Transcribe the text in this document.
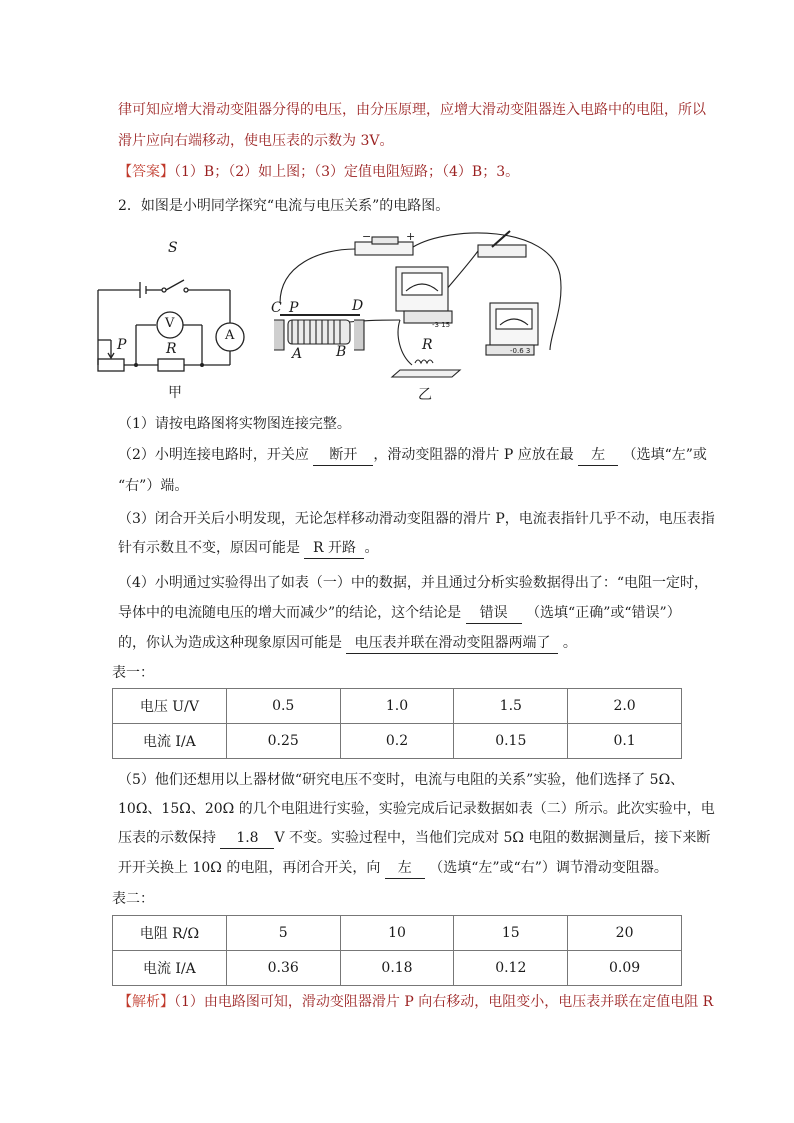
律可知应增大滑动变阻器分得的电压，由分压原理，应增大滑动变阻器连入电路中的电阻，所以
滑片应向右端移动，使电压表的示数为 3V。
【答案】（1）B；（2）如上图；（3）定值电阻短路；（4）B；3。
2．如图是小明同学探究“电流与电压关系”的电路图。
S
V
A
P	R
甲
-3 15
-0.6 3
−	+
C P	D
A B	R
乙
（1）请按电路图将实物图连接完整。
（2）小明连接电路时，开关应 断开 ，滑动变阻器的滑片 P 应放在最 左 （选填“左”或
“右”）端。
（3）闭合开关后小明发现，无论怎样移动滑动变阻器的滑片 P，电流表指针几乎不动，电压表指
针有示数且不变，原因可能是 R 开路 。
（4）小明通过实验得出了如表（一）中的数据，并且通过分析实验数据得出了：“电阻一定时，
导体中的电流随电压的增大而减少”的结论，这个结论是 错误 （选填“正确”或“错误”）
的，你认为造成这种现象原因可能是 电压表并联在滑动变阻器两端了 。
表一：
电压 U/V	0.5	1.0	1.5	2.0
电流 I/A	0.25	0.2	0.15	0.1
（5）他们还想用以上器材做“研究电压不变时，电流与电阻的关系”实验，他们选择了 5Ω、
10Ω、15Ω、20Ω 的几个电阻进行实验，实验完成后记录数据如表（二）所示。此次实验中，电
压表的示数保持 1.8 V 不变。实验过程中，当他们完成对 5Ω 电阻的数据测量后，接下来断
开开关换上 10Ω 的电阻，再闭合开关，向 左 （选填“左”或“右”）调节滑动变阻器。
表二：
电阻 R/Ω	5	10	15	20
电流 I/A	0.36	0.18	0.12	0.09
【解析】（1）由电路图可知，滑动变阻器滑片 P 向右移动，电阻变小，电压表并联在定值电阻 R
